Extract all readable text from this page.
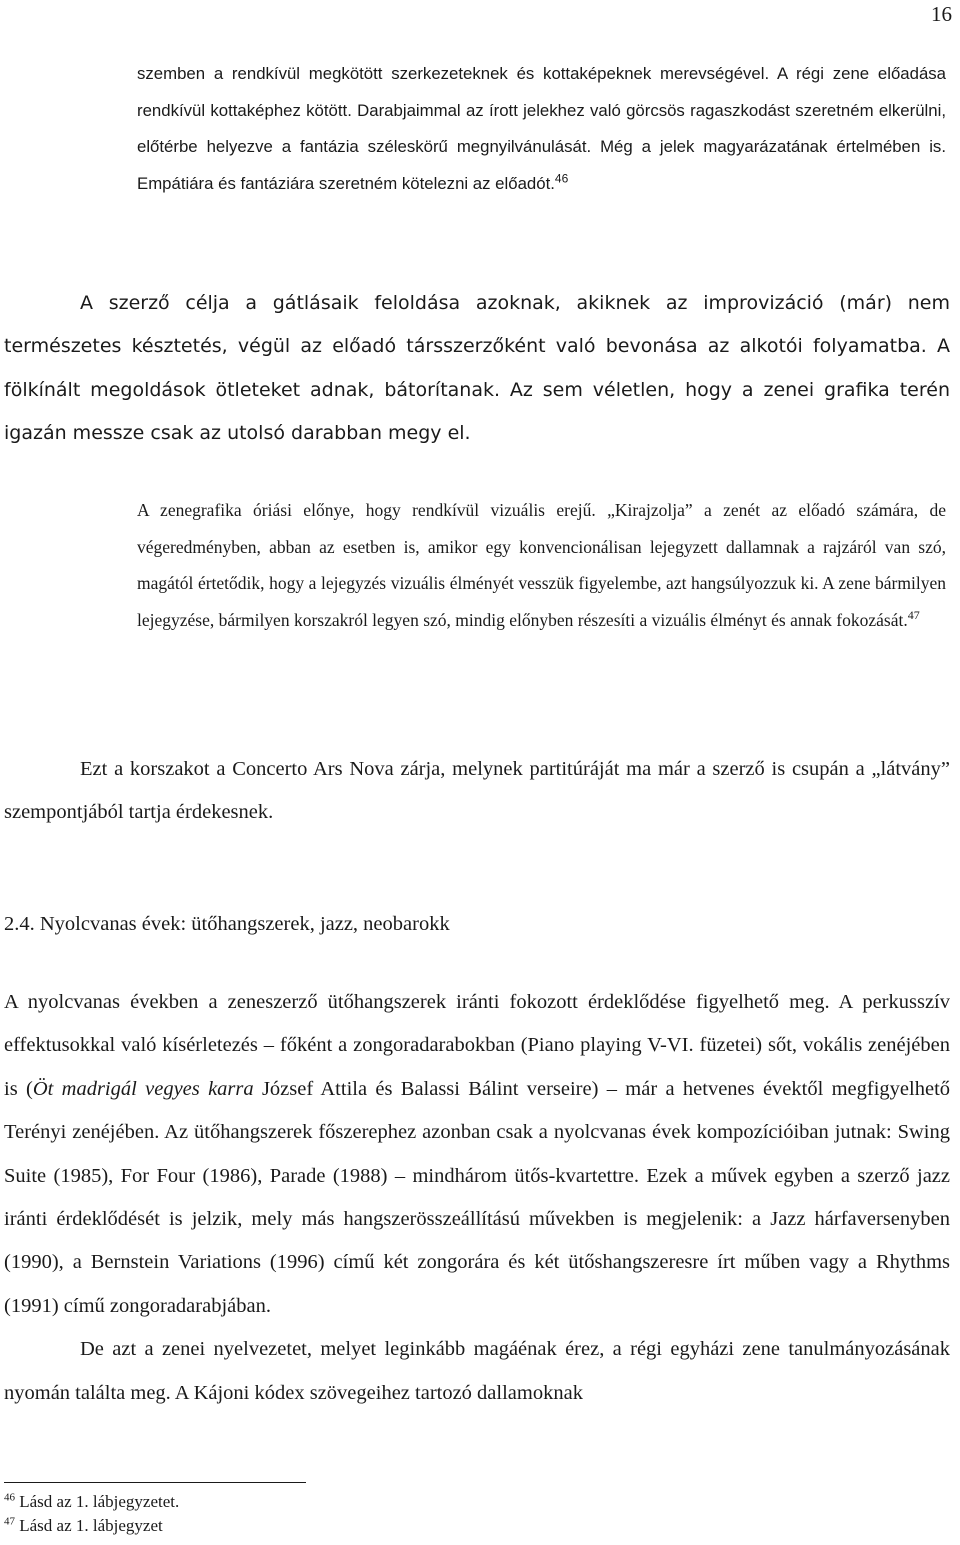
16
szemben a rendkívül megkötött szerkezeteknek és kottaképeknek merevségével. A régi zene előadása rendkívül kottaképhez kötött. Darabjaimmal az írott jelekhez való görcsös ragaszkodást szeretném elkerülni, előtérbe helyezve a fantázia széleskörű megnyilvánulását. Még a jelek magyarázatának értelmében is. Empátiára és fantáziára szeretném kötelezni az előadót.$^{46}$
A szerző célja a gátlásaik feloldása azoknak, akiknek az improvizáció (már) nem természetes késztetés, végül az előadó társszerzőként való bevonása az alkotói folyamatba. A fölkínált megoldások ötleteket adnak, bátorítanak. Az sem véletlen, hogy a zenei grafika terén igazán messze csak az utolsó darabban megy el.
A zenegrafika óriási előnye, hogy rendkívül vizuális erejű. „Kirajzolja” a zenét az előadó számára, de végeredményben, abban az esetben is, amikor egy konvencionálisan lejegyzett dallamnak a rajzáról van szó, magától értetődik, hogy a lejegyzés vizuális élményét vesszük figyelembe, azt hangsúlyozzuk ki. A zene bármilyen lejegyzése, bármilyen korszakról legyen szó, mindig előnyben részesíti a vizuális élményt és annak fokozását.$^{47}$
Ezt a korszakot a Concerto Ars Nova zárja, melynek partitúráját ma már a szerző is csupán a „látvány” szempontjából tartja érdekesnek.
2.4. Nyolcvanas évek: ütőhangszerek, jazz, neobarokk
A nyolcvanas években a zeneszerző ütőhangszerek iránti fokozott érdeklődése figyelhető meg. A perkusszív effektusokkal való kísérletezés – főként a zongoradarabokban (Piano playing V-VI. füzetei) sőt, vokális zenéjében is (Öt madrigál vegyes karra József Attila és Balassi Bálint verseire) – már a hetvenes évektől megfigyelhető Terényi zenéjében. Az ütőhangszerek főszerephez azonban csak a nyolcvanas évek kompozícióiban jutnak: Swing Suite (1985), For Four (1986), Parade (1988) – mindhárom ütős-kvartettre. Ezek a művek egyben a szerző jazz iránti érdeklődését is jelzik, mely más hangszerösszeállítású művekben is megjelenik: a Jazz hárfaversenyben (1990), a Bernstein Variations (1996) című két zongorára és két ütőshangszeresre írt műben vagy a Rhythms (1991) című zongoradarabjában.
De azt a zenei nyelvezetet, melyet leginkább magáénak érez, a régi egyházi zene tanulmányozásának nyomán találta meg. A Kájoni kódex szövegeihez tartozó dallamoknak
$^{46}$ Lásd az 1. lábjegyzetet.
$^{47}$ Lásd az 1. lábjegyzet
